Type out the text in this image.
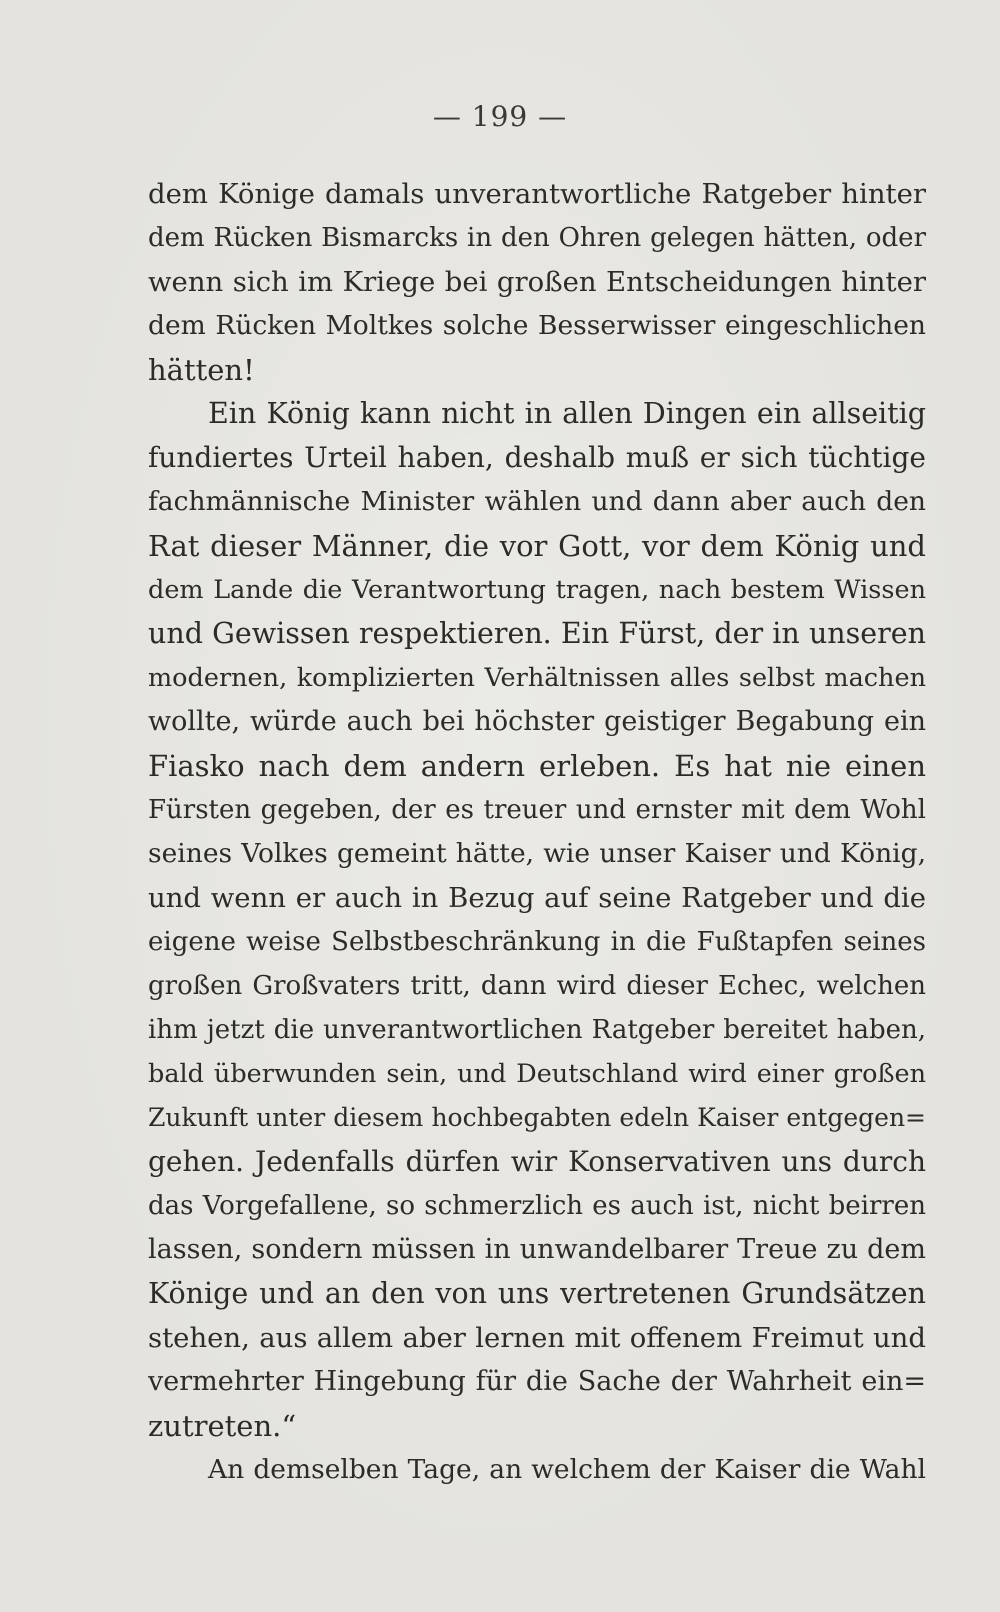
— 199 —
dem Könige damals unverantwortliche Ratgeber hinter
dem Rücken Bismarcks in den Ohren gelegen hätten, oder
wenn sich im Kriege bei großen Entscheidungen hinter
dem Rücken Moltkes solche Besserwisser eingeschlichen
hätten!
Ein König kann nicht in allen Dingen ein allseitig
fundiertes Urteil haben, deshalb muß er sich tüchtige
fachmännische Minister wählen und dann aber auch den
Rat dieser Männer, die vor Gott, vor dem König und
dem Lande die Verantwortung tragen, nach bestem Wissen
und Gewissen respektieren. Ein Fürst, der in unseren
modernen, komplizierten Verhältnissen alles selbst machen
wollte, würde auch bei höchster geistiger Begabung ein
Fiasko nach dem andern erleben. Es hat nie einen
Fürsten gegeben, der es treuer und ernster mit dem Wohl
seines Volkes gemeint hätte, wie unser Kaiser und König,
und wenn er auch in Bezug auf seine Ratgeber und die
eigene weise Selbstbeschränkung in die Fußtapfen seines
großen Großvaters tritt, dann wird dieser Echec, welchen
ihm jetzt die unverantwortlichen Ratgeber bereitet haben,
bald überwunden sein, und Deutschland wird einer großen
Zukunft unter diesem hochbegabten edeln Kaiser entgegen=
gehen. Jedenfalls dürfen wir Konservativen uns durch
das Vorgefallene, so schmerzlich es auch ist, nicht beirren
lassen, sondern müssen in unwandelbarer Treue zu dem
Könige und an den von uns vertretenen Grundsätzen
stehen, aus allem aber lernen mit offenem Freimut und
vermehrter Hingebung für die Sache der Wahrheit ein=
zutreten.“
An demselben Tage, an welchem der Kaiser die Wahl
